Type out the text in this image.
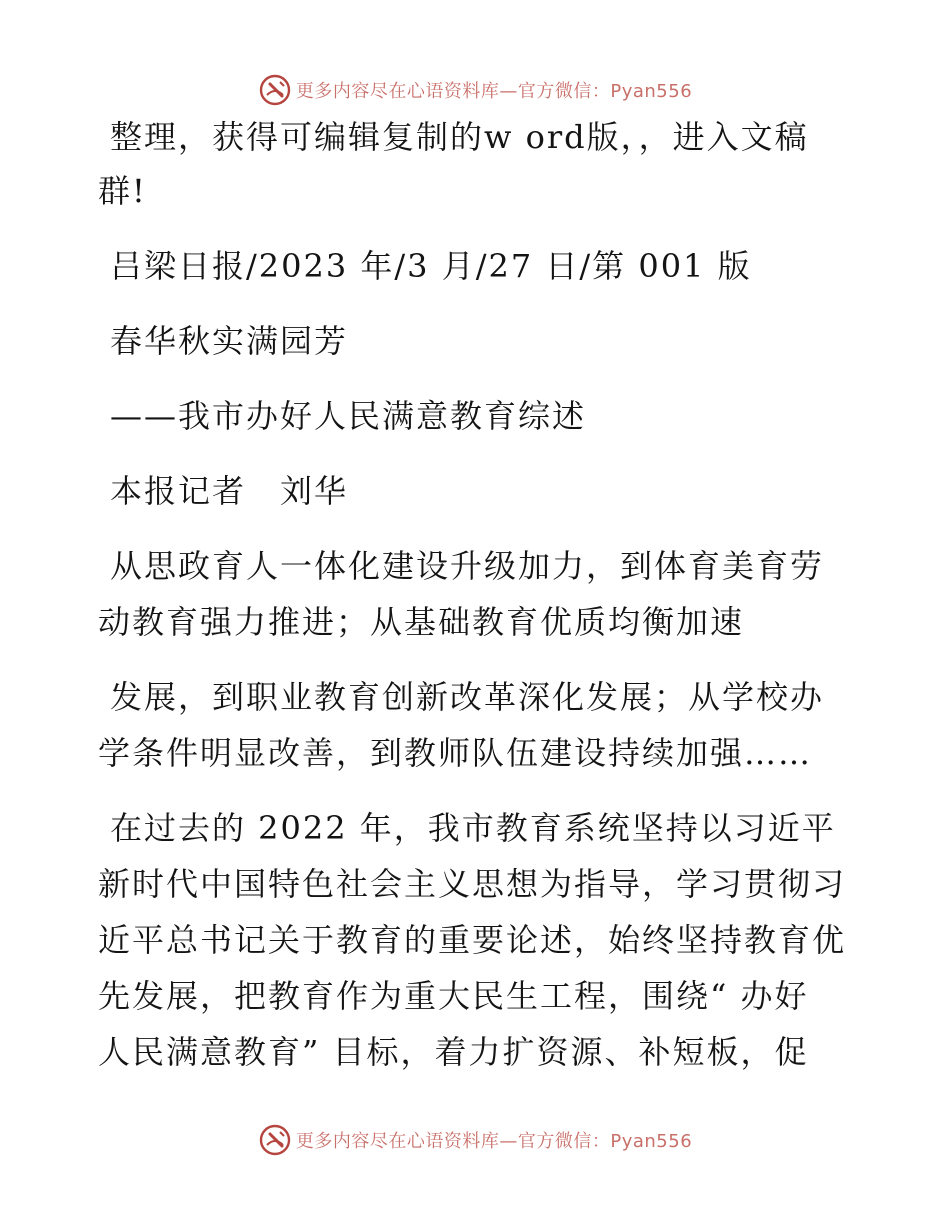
更多内容尽在心语资料库—官方微信：Pyan556
整理，获得可编辑复制的w ord版，，进入文稿
群!
吕梁日报/2023 年/3 月/27 日/第 001 版
春华秋实满园芳
——我市办好人民满意教育综述
本报记者　刘华
从思政育人一体化建设升级加力，到体育美育劳
动教育强力推进；从基础教育优质均衡加速
发展，到职业教育创新改革深化发展；从学校办
学条件明显改善，到教师队伍建设持续加强……
在过去的 2022 年，我市教育系统坚持以习近平
新时代中国特色社会主义思想为指导，学习贯彻习
近平总书记关于教育的重要论述，始终坚持教育优
先发展，把教育作为重大民生工程，围绕“ 办好
人民满意教育” 目标，着力扩资源、补短板，促
更多内容尽在心语资料库—官方微信：Pyan556
